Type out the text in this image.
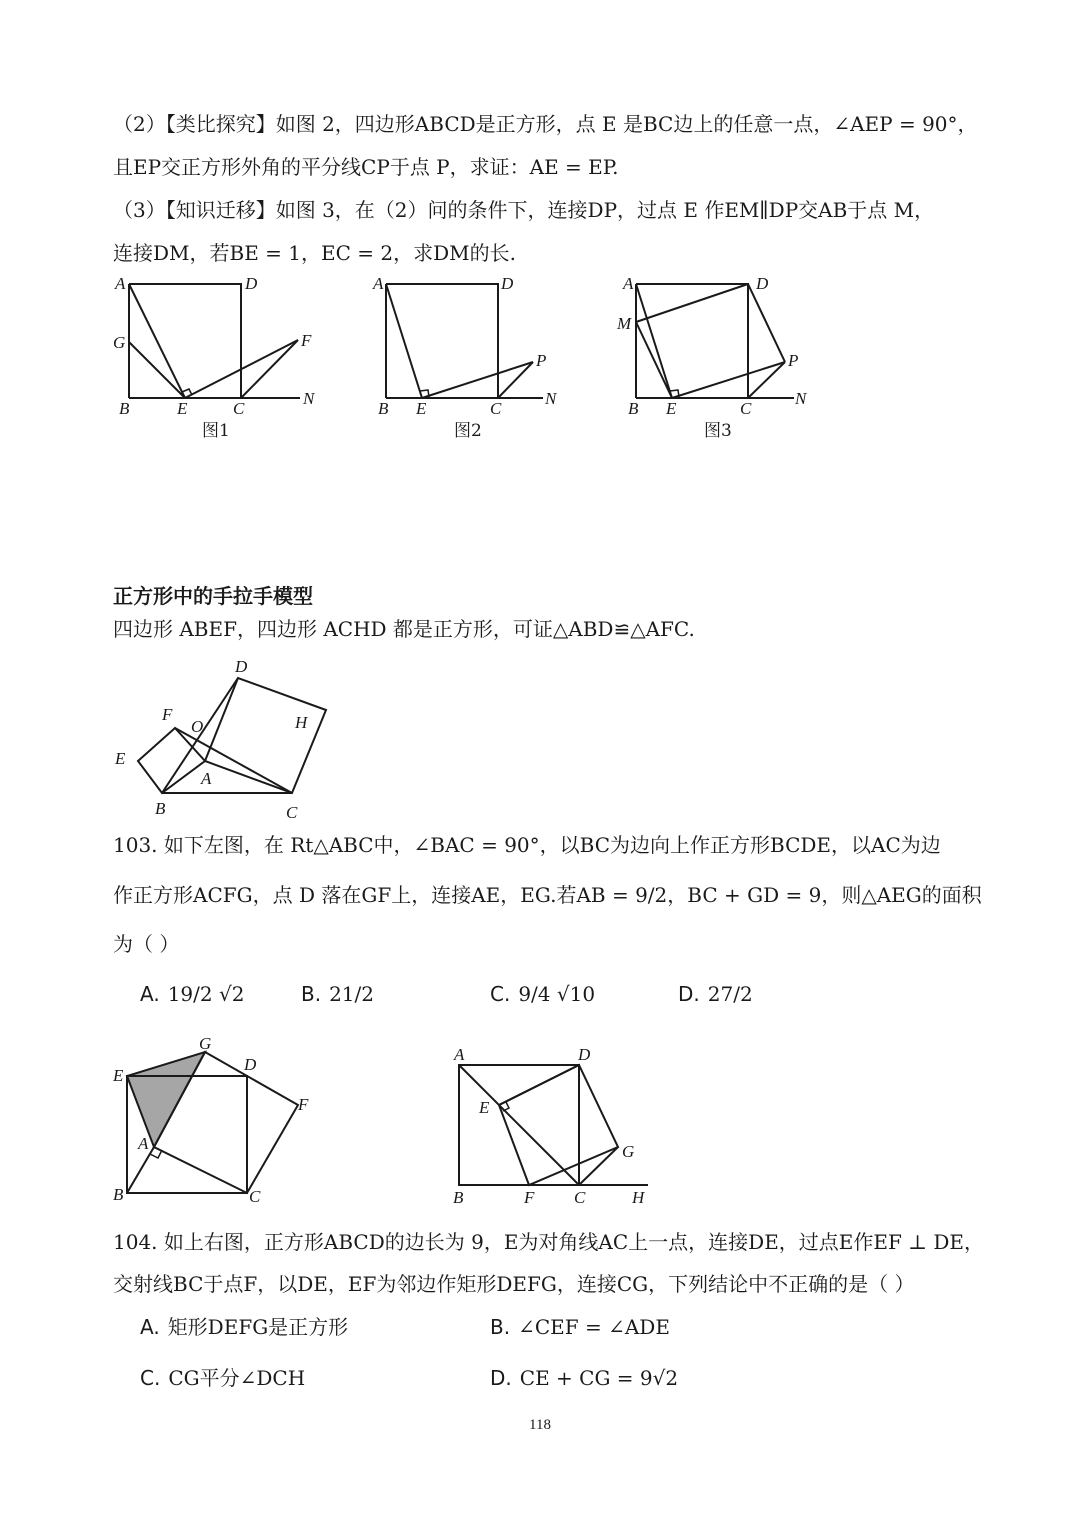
（2）【类比探究】如图 2，四边形ABCD是正方形，点 E 是BC边上的任意一点，∠AEP = 90°，
且EP交正方形外角的平分线CP于点 P，求证：AE = EP.
（3）【知识迁移】如图 3，在（2）问的条件下，连接DP，过点 E 作EM∥DP交AB于点 M，
连接DM，若BE = 1，EC = 2，求DM的长.
A	D
G	F
B	E	C
N
图1
A	D
P
B E	C
N
图2
A	D
M
P
B E	C
N
图3
正方形中的手拉手模型
四边形 ABEF，四边形 ACHD 都是正方形，可证△ABD≌△AFC.
D
F
O	H
E
A
B	C
103. 如下左图，在 Rt△ABC中，∠BAC = 90°，以BC为边向上作正方形BCDE，以AC为边
作正方形ACFG，点 D 落在GF上，连接AE，EG.若AB = 9/2，BC + GD = 9，则△AEG的面积
为（ ）
A. 19/2 √2	B. 21/2	C. 9/4 √10	D. 27/2
E
G
D
F
A
B	C
A	D
E
G
B	F C	H
104. 如上右图，正方形ABCD的边长为 9，E为对角线AC上一点，连接DE，过点E作EF ⊥ DE，
交射线BC于点F，以DE，EF为邻边作矩形DEFG，连接CG，下列结论中不正确的是（ ）
A. 矩形DEFG是正方形	B. ∠CEF = ∠ADE
C. CG平分∠DCH	D. CE + CG = 9√2
118
